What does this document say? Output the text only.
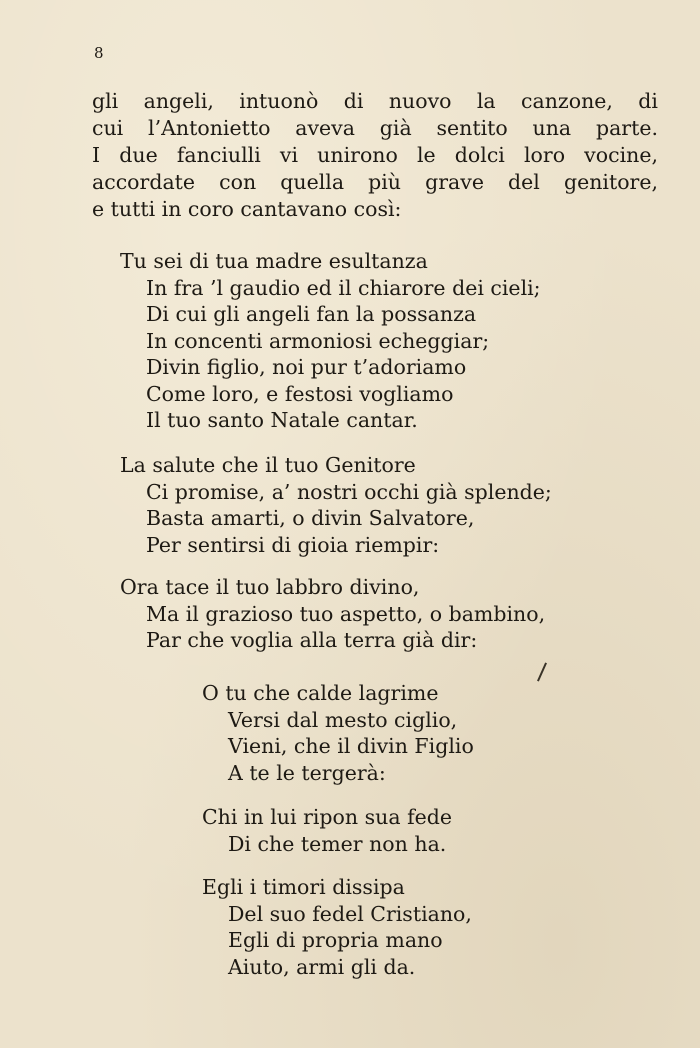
8
gli angeli, intuonò di nuovo la canzone, di
cui l’Antonietto aveva già sentito una parte.
I due fanciulli vi unirono le dolci loro vocine,
accordate con quella più grave del genitore,
e tutti in coro cantavano così:
Tu sei di tua madre esultanza
In fra ’l gaudio ed il chiarore dei cieli;
Di cui gli angeli fan la possanza
In concenti armoniosi echeggiar;
Divin figlio, noi pur t’adoriamo
Come loro, e festosi vogliamo
Il tuo santo Natale cantar.
La salute che il tuo Genitore
Ci promise, a’ nostri occhi già splende;
Basta amarti, o divin Salvatore,
Per sentirsi di gioia riempir:
Ora tace il tuo labbro divino,
Ma il grazioso tuo aspetto, o bambino,
Par che voglia alla terra già dir:
O tu che calde lagrime
Versi dal mesto ciglio,
Vieni, che il divin Figlio
A te le tergerà:
Chi in lui ripon sua fede
Di che temer non ha.
Egli i timori dissipa
Del suo fedel Cristiano,
Egli di propria mano
Aiuto, armi gli da.
